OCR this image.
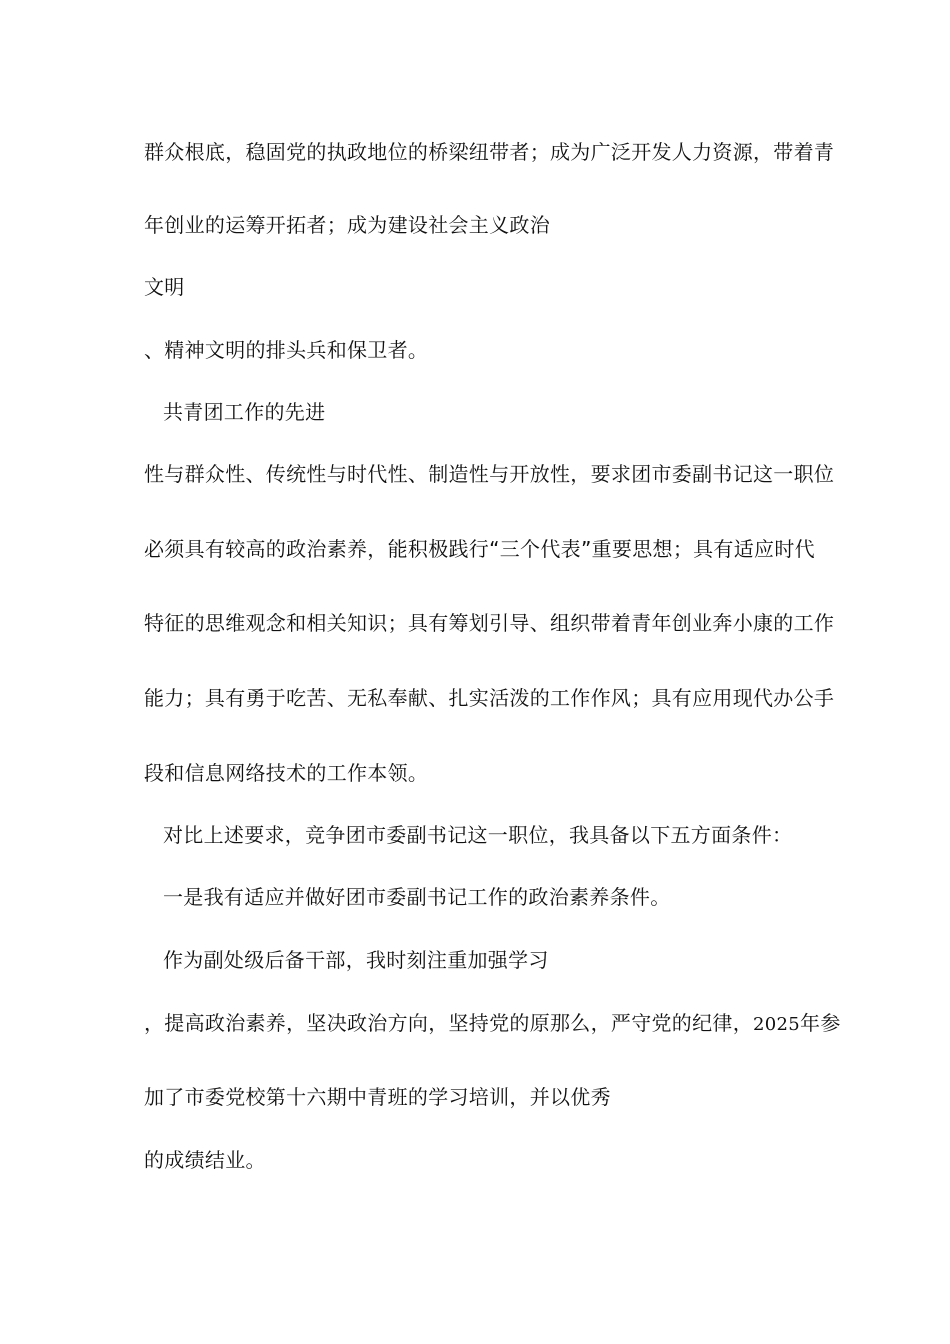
群众根底，稳固党的执政地位的桥梁纽带者；成为广泛开发人力资源，带着青
年创业的运筹开拓者；成为建设社会主义政治
文明
、精神文明的排头兵和保卫者。
共青团工作的先进
性与群众性、传统性与时代性、制造性与开放性，要求团市委副书记这一职位
必须具有较高的政治素养，能积极践行“三个代表”重要思想；具有适应时代
特征的思维观念和相关知识；具有筹划引导、组织带着青年创业奔小康的工作
能力；具有勇于吃苦、无私奉献、扎实活泼的工作作风；具有应用现代办公手
段和信息网络技术的工作本领。
对比上述要求，竞争团市委副书记这一职位，我具备以下五方面条件：
一是我有适应并做好团市委副书记工作的政治素养条件。
作为副处级后备干部，我时刻注重加强学习
，提高政治素养，坚决政治方向，坚持党的原那么，严守党的纪律，2025年参
加了市委党校第十六期中青班的学习培训，并以优秀
的成绩结业。
